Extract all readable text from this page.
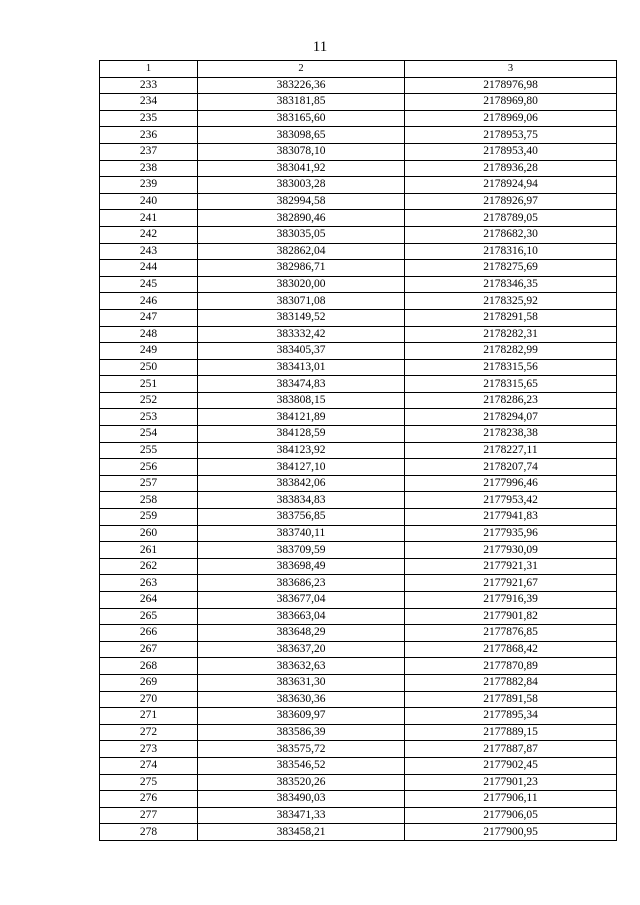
11
1	2	3
233	383226,36	2178976,98
234	383181,85	2178969,80
235	383165,60	2178969,06
236	383098,65	2178953,75
237	383078,10	2178953,40
238	383041,92	2178936,28
239	383003,28	2178924,94
240	382994,58	2178926,97
241	382890,46	2178789,05
242	383035,05	2178682,30
243	382862,04	2178316,10
244	382986,71	2178275,69
245	383020,00	2178346,35
246	383071,08	2178325,92
247	383149,52	2178291,58
248	383332,42	2178282,31
249	383405,37	2178282,99
250	383413,01	2178315,56
251	383474,83	2178315,65
252	383808,15	2178286,23
253	384121,89	2178294,07
254	384128,59	2178238,38
255	384123,92	2178227,11
256	384127,10	2178207,74
257	383842,06	2177996,46
258	383834,83	2177953,42
259	383756,85	2177941,83
260	383740,11	2177935,96
261	383709,59	2177930,09
262	383698,49	2177921,31
263	383686,23	2177921,67
264	383677,04	2177916,39
265	383663,04	2177901,82
266	383648,29	2177876,85
267	383637,20	2177868,42
268	383632,63	2177870,89
269	383631,30	2177882,84
270	383630,36	2177891,58
271	383609,97	2177895,34
272	383586,39	2177889,15
273	383575,72	2177887,87
274	383546,52	2177902,45
275	383520,26	2177901,23
276	383490,03	2177906,11
277	383471,33	2177906,05
278	383458,21	2177900,95
